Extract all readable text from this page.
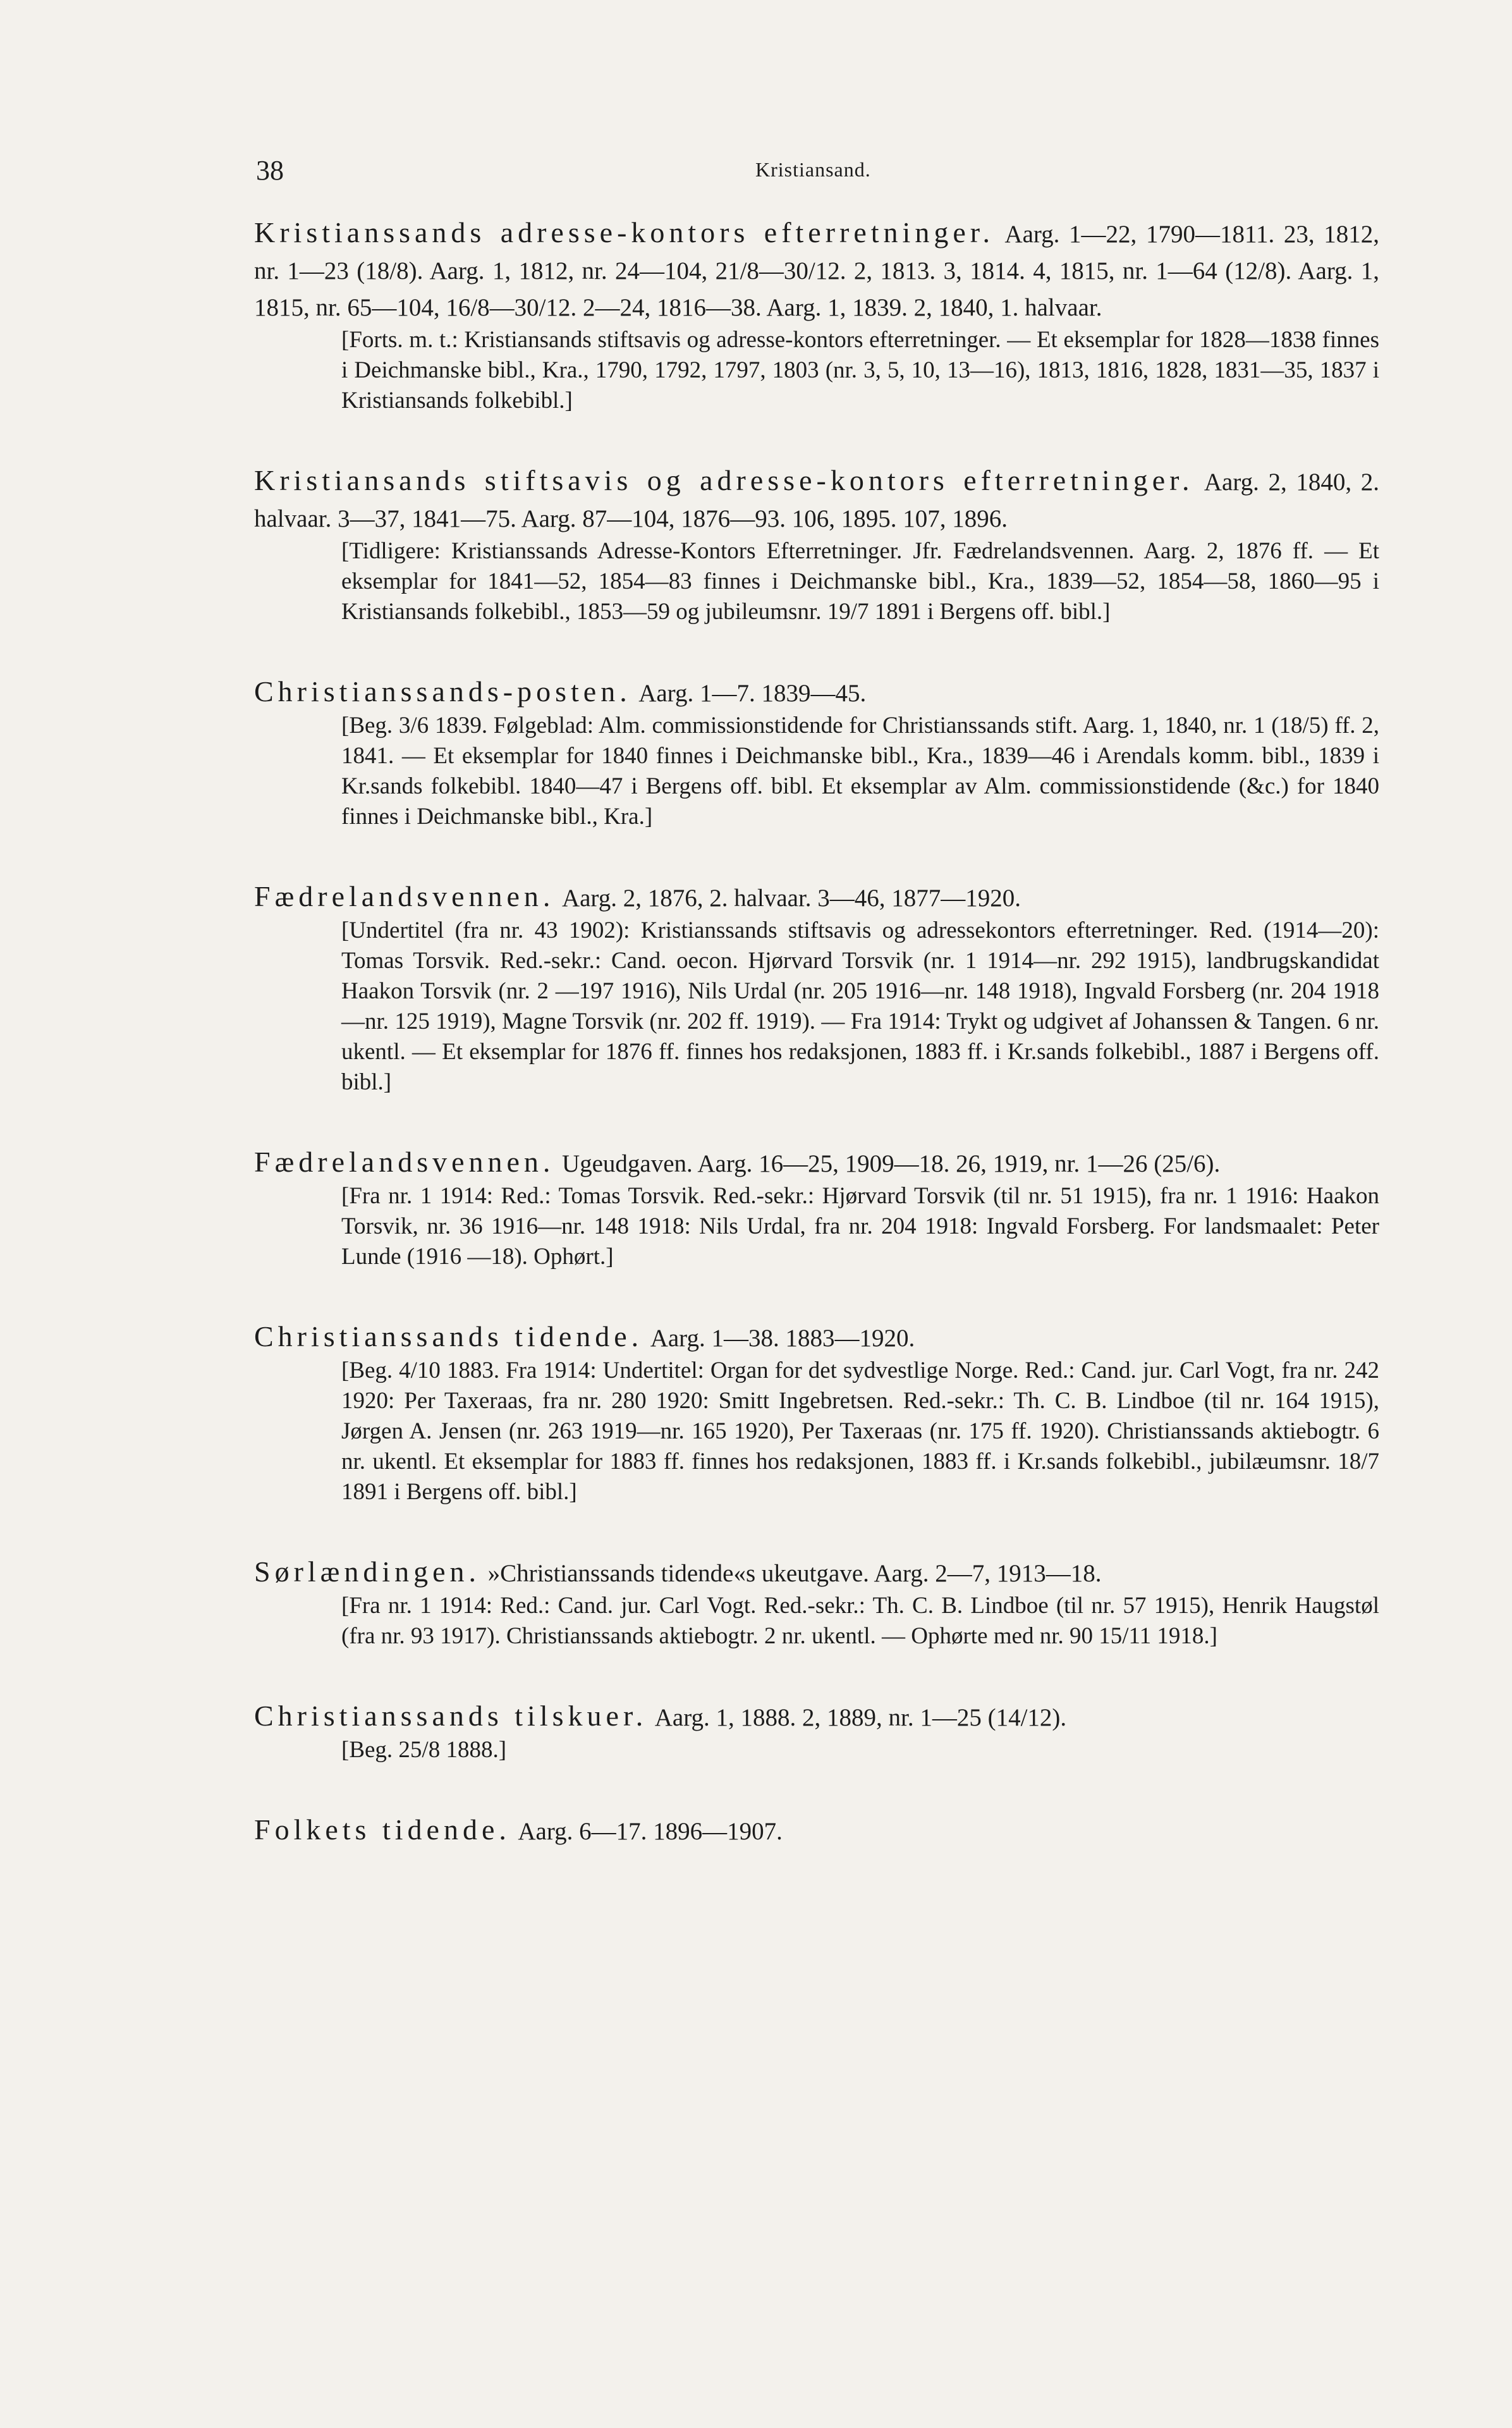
38	Kristiansand.
Kristianssands adresse-kontors efterretninger. Aarg. 1—22, 1790—1811. 23, 1812, nr. 1—23 (18/8). Aarg. 1, 1812, nr. 24—104, 21/8—30/12. 2, 1813. 3, 1814. 4, 1815, nr. 1—64 (12/8). Aarg. 1, 1815, nr. 65—104, 16/8—30/12. 2—24, 1816—38. Aarg. 1, 1839. 2, 1840, 1. halvaar.
[Forts. m. t.: Kristiansands stiftsavis og adresse-kontors efterretninger. — Et eksemplar for 1828—1838 finnes i Deichmanske bibl., Kra., 1790, 1792, 1797, 1803 (nr. 3, 5, 10, 13—16), 1813, 1816, 1828, 1831—35, 1837 i Kristiansands folkebibl.]
Kristiansands stiftsavis og adresse-kontors efterretninger. Aarg. 2, 1840, 2. halvaar. 3—37, 1841—75. Aarg. 87—104, 1876—93. 106, 1895. 107, 1896.
[Tidligere: Kristianssands Adresse-Kontors Efterretninger. Jfr. Fædrelandsvennen. Aarg. 2, 1876 ff. — Et eksemplar for 1841—52, 1854—83 finnes i Deichmanske bibl., Kra., 1839—52, 1854—58, 1860—95 i Kristiansands folkebibl., 1853—59 og jubileumsnr. 19/7 1891 i Bergens off. bibl.]
Christianssands-posten. Aarg. 1—7. 1839—45.
[Beg. 3/6 1839. Følgeblad: Alm. commissionstidende for Christianssands stift. Aarg. 1, 1840, nr. 1 (18/5) ff. 2, 1841. — Et eksemplar for 1840 finnes i Deichmanske bibl., Kra., 1839—46 i Arendals komm. bibl., 1839 i Kr.sands folkebibl. 1840—47 i Bergens off. bibl. Et eksemplar av Alm. commissionstidende (&c.) for 1840 finnes i Deichmanske bibl., Kra.]
Fædrelandsvennen. Aarg. 2, 1876, 2. halvaar. 3—46, 1877—1920.
[Undertitel (fra nr. 43 1902): Kristianssands stiftsavis og adressekontors efterretninger. Red. (1914—20): Tomas Torsvik. Red.-sekr.: Cand. oecon. Hjørvard Torsvik (nr. 1 1914—nr. 292 1915), landbrugskandidat Haakon Torsvik (nr. 2 —197 1916), Nils Urdal (nr. 205 1916—nr. 148 1918), Ingvald Forsberg (nr. 204 1918—nr. 125 1919), Magne Torsvik (nr. 202 ff. 1919). — Fra 1914: Trykt og udgivet af Johanssen & Tangen. 6 nr. ukentl. — Et eksemplar for 1876 ff. finnes hos redaksjonen, 1883 ff. i Kr.sands folkebibl., 1887 i Bergens off. bibl.]
Fædrelandsvennen. Ugeudgaven. Aarg. 16—25, 1909—18. 26, 1919, nr. 1—26 (25/6).
[Fra nr. 1 1914: Red.: Tomas Torsvik. Red.-sekr.: Hjørvard Torsvik (til nr. 51 1915), fra nr. 1 1916: Haakon Torsvik, nr. 36 1916—nr. 148 1918: Nils Urdal, fra nr. 204 1918: Ingvald Forsberg. For landsmaalet: Peter Lunde (1916 —18). Ophørt.]
Christianssands tidende. Aarg. 1—38. 1883—1920.
[Beg. 4/10 1883. Fra 1914: Undertitel: Organ for det sydvestlige Norge. Red.: Cand. jur. Carl Vogt, fra nr. 242 1920: Per Taxeraas, fra nr. 280 1920: Smitt Ingebretsen. Red.-sekr.: Th. C. B. Lindboe (til nr. 164 1915), Jørgen A. Jensen (nr. 263 1919—nr. 165 1920), Per Taxeraas (nr. 175 ff. 1920). Christianssands aktiebogtr. 6 nr. ukentl. Et eksemplar for 1883 ff. finnes hos redaksjonen, 1883 ff. i Kr.sands folkebibl., jubilæumsnr. 18/7 1891 i Bergens off. bibl.]
Sørlændingen. »Christianssands tidende«s ukeutgave. Aarg. 2—7, 1913—18.
[Fra nr. 1 1914: Red.: Cand. jur. Carl Vogt. Red.-sekr.: Th. C. B. Lindboe (til nr. 57 1915), Henrik Haugstøl (fra nr. 93 1917). Christianssands aktiebogtr. 2 nr. ukentl. — Ophørte med nr. 90 15/11 1918.]
Christianssands tilskuer. Aarg. 1, 1888. 2, 1889, nr. 1—25 (14/12).
[Beg. 25/8 1888.]
Folkets tidende. Aarg. 6—17. 1896—1907.
